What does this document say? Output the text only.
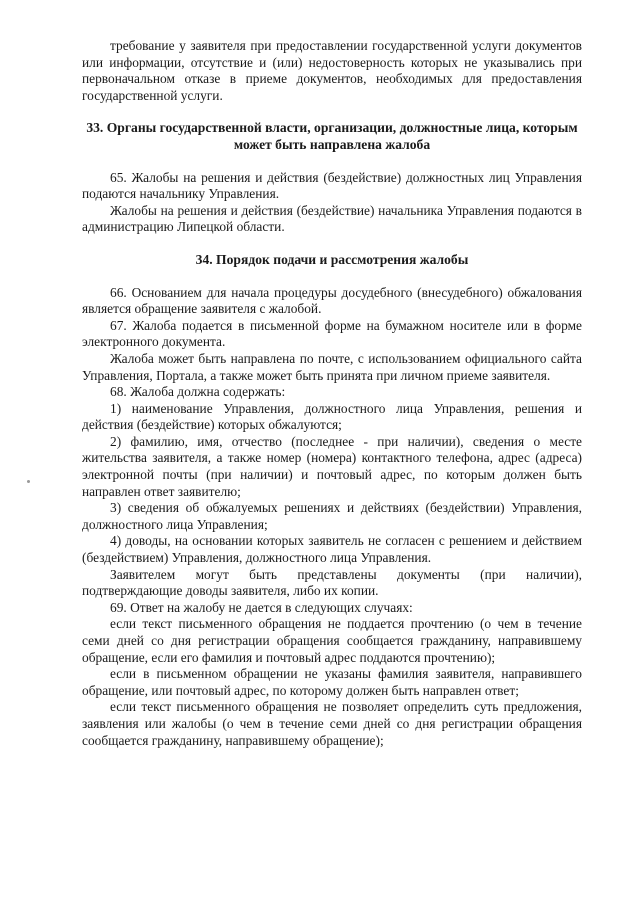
требование у заявителя при предоставлении государственной услуги документов или информации, отсутствие и (или) недостоверность которых не указывались при первоначальном отказе в приеме документов, необходимых для предоставления государственной услуги.

33. Органы государственной власти, организации, должностные лица, которым может быть направлена жалоба

65. Жалобы на решения и действия (бездействие) должностных лиц Управления подаются начальнику Управления.

Жалобы на решения и действия (бездействие) начальника Управления подаются в администрацию Липецкой области.

34. Порядок подачи и рассмотрения жалобы

66. Основанием для начала процедуры досудебного (внесудебного) обжалования является обращение заявителя с жалобой.

67. Жалоба подается в письменной форме на бумажном носителе или в форме электронного документа.

Жалоба может быть направлена по почте, с использованием официального сайта Управления, Портала, а также может быть принята при личном приеме заявителя.

68. Жалоба должна содержать:

1) наименование Управления, должностного лица Управления, решения и действия (бездействие) которых обжалуются;

2) фамилию, имя, отчество (последнее - при наличии), сведения о месте жительства заявителя, а также номер (номера) контактного телефона, адрес (адреса) электронной почты (при наличии) и почтовый адрес, по которым должен быть направлен ответ заявителю;

3) сведения об обжалуемых решениях и действиях (бездействии) Управления, должностного лица Управления;

4) доводы, на основании которых заявитель не согласен с решением и действием (бездействием) Управления, должностного лица Управления.

Заявителем могут быть представлены документы (при наличии), подтверждающие доводы заявителя, либо их копии.

69. Ответ на жалобу не дается в следующих случаях:

если текст письменного обращения не поддается прочтению (о чем в течение семи дней со дня регистрации обращения сообщается гражданину, направившему обращение, если его фамилия и почтовый адрес поддаются прочтению);

если в письменном обращении не указаны фамилия заявителя, направившего обращение, или почтовый адрес, по которому должен быть направлен ответ;

если текст письменного обращения не позволяет определить суть предложения, заявления или жалобы (о чем в течение семи дней со дня регистрации обращения сообщается гражданину, направившему обращение);
